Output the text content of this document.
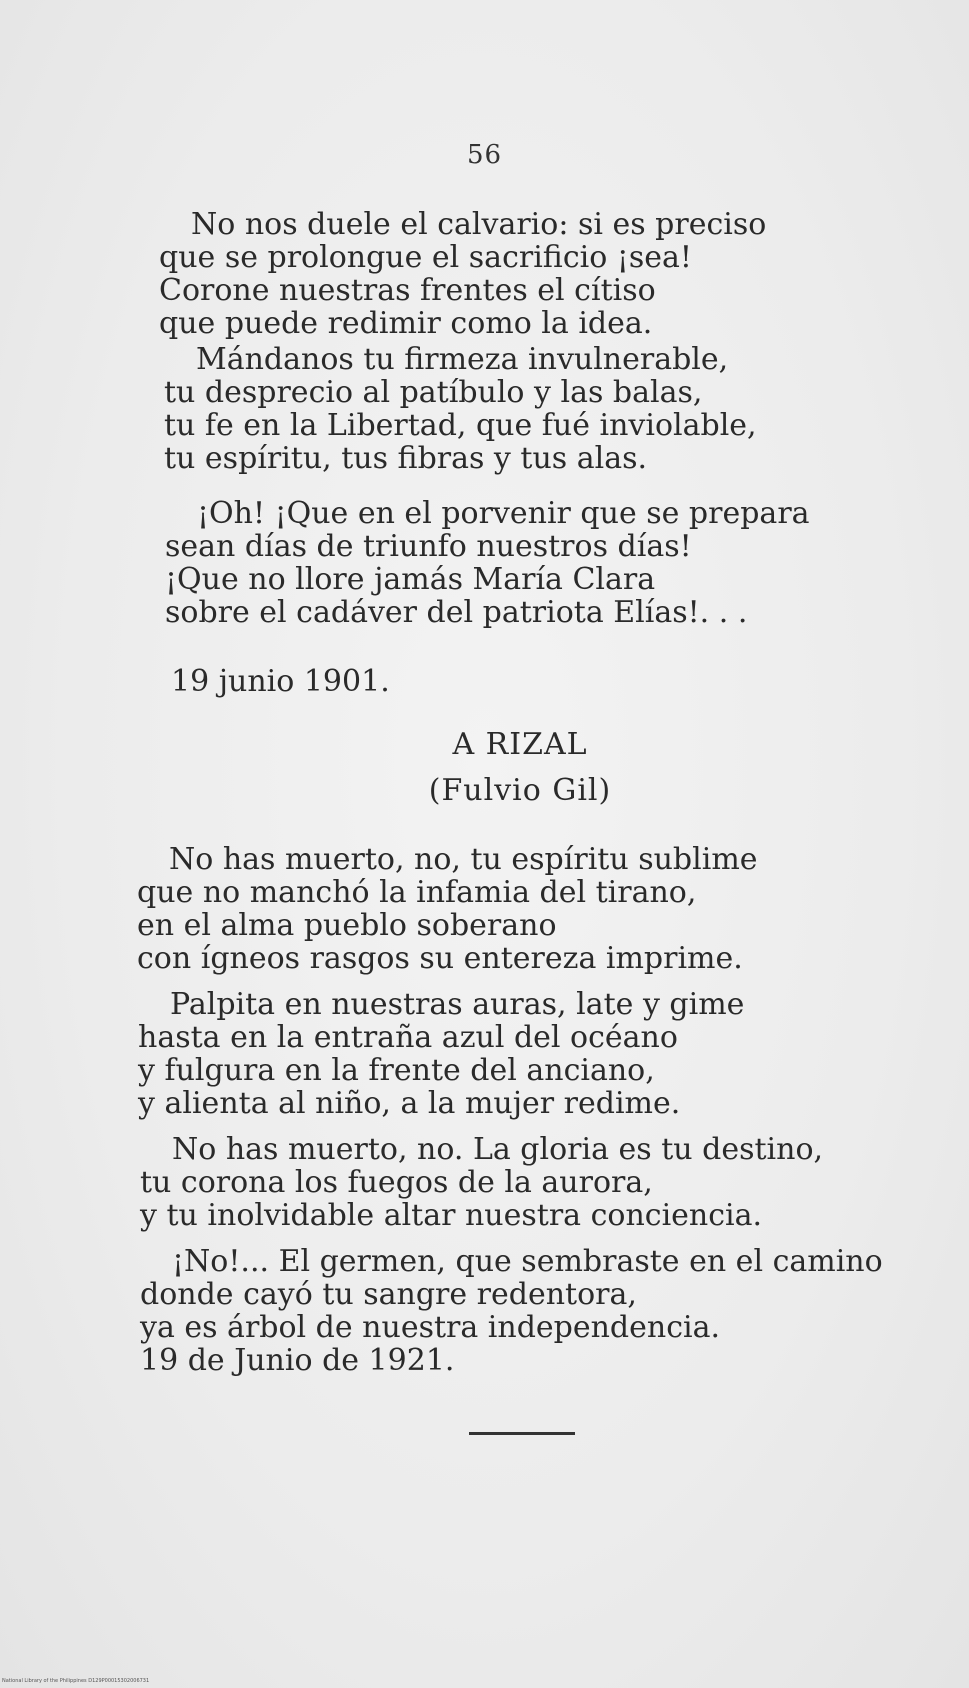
56
No nos duele el calvario: si es preciso
que se prolongue el sacrificio ¡sea!
Corone nuestras frentes el cítiso
que puede redimir como la idea.
Mándanos tu firmeza invulnerable,
tu desprecio al patíbulo y las balas,
tu fe en la Libertad, que fué inviolable,
tu espíritu, tus fibras y tus alas.
¡Oh! ¡Que en el porvenir que se prepara
sean días de triunfo nuestros días!
¡Que no llore jamás María Clara
sobre el cadáver del patriota Elías!. . .
19 junio 1901.
A RIZAL
(Fulvio Gil)
No has muerto, no, tu espíritu sublime
que no manchó la infamia del tirano,
en el alma pueblo soberano
con ígneos rasgos su entereza imprime.
Palpita en nuestras auras, late y gime
hasta en la entraña azul del océano
y fulgura en la frente del anciano,
y alienta al niño, a la mujer redime.
No has muerto, no. La gloria es tu destino,
tu corona los fuegos de la aurora,
y tu inolvidable altar nuestra conciencia.
¡No!... El germen, que sembraste en el camino
donde cayó tu sangre redentora,
ya es árbol de nuestra independencia.
19 de Junio de 1921.
National Library of the Philippines D129P00015302006731
